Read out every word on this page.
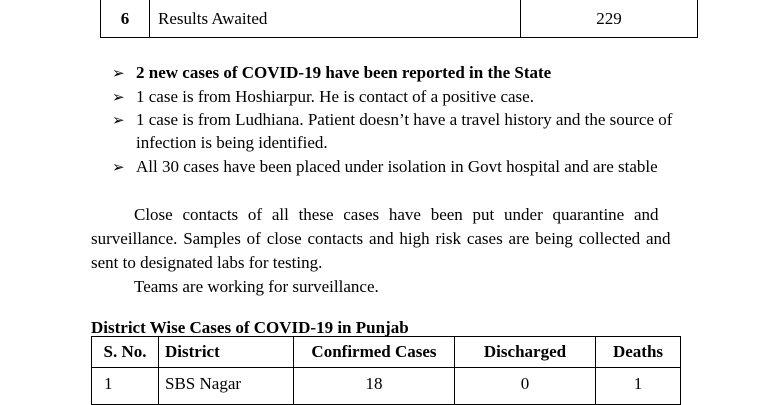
6	Results Awaited	229
➢ 2 new cases of COVID-19 have been reported in the State
➢ 1 case is from Hoshiarpur. He is contact of a positive case.
➢ 1 case is from Ludhiana. Patient doesn’t have a travel history and the source of
infection is being identified.
➢ All 30 cases have been placed under isolation in Govt hospital and are stable
Close contacts of all these cases have been put under quarantine and
surveillance. Samples of close contacts and high risk cases are being collected and
sent to designated labs for testing.
Teams are working for surveillance.
District Wise Cases of COVID-19 in Punjab
S. No.	District	Confirmed Cases	Discharged	Deaths
1	SBS Nagar	18	0	1
